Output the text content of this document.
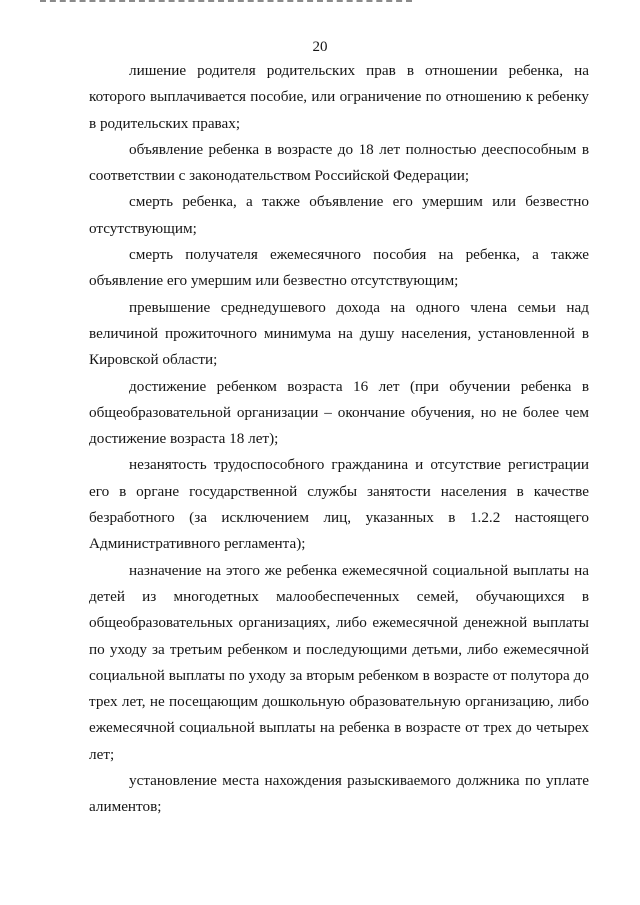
20

лишение родителя родительских прав в отношении ребенка, на которого выплачивается пособие, или ограничение по отношению к ребенку в родительских правах;

объявление ребенка в возрасте до 18 лет полностью дееспособным в соответствии с законодательством Российской Федерации;

смерть ребенка, а также объявление его умершим или безвестно отсутствующим;

смерть получателя ежемесячного пособия на ребенка, а также объявление его умершим или безвестно отсутствующим;

превышение среднедушевого дохода на одного члена семьи над величиной прожиточного минимума на душу населения, установленной в Кировской области;

достижение ребенком возраста 16 лет (при обучении ребенка в общеобразовательной организации – окончание обучения, но не более чем достижение возраста 18 лет);

незанятость трудоспособного гражданина и отсутствие регистрации его в органе государственной службы занятости населения в качестве безработного (за исключением лиц, указанных в 1.2.2 настоящего Административного регламента);

назначение на этого же ребенка ежемесячной социальной выплаты на детей из многодетных малообеспеченных семей, обучающихся в общеобразовательных организациях, либо ежемесячной денежной выплаты по уходу за третьим ребенком и последующими детьми, либо ежемесячной социальной выплаты по уходу за вторым ребенком в возрасте от полутора до трех лет, не посещающим дошкольную образовательную организацию, либо ежемесячной социальной выплаты на ребенка в возрасте от трех до четырех лет;

установление места нахождения разыскиваемого должника по уплате алиментов;
